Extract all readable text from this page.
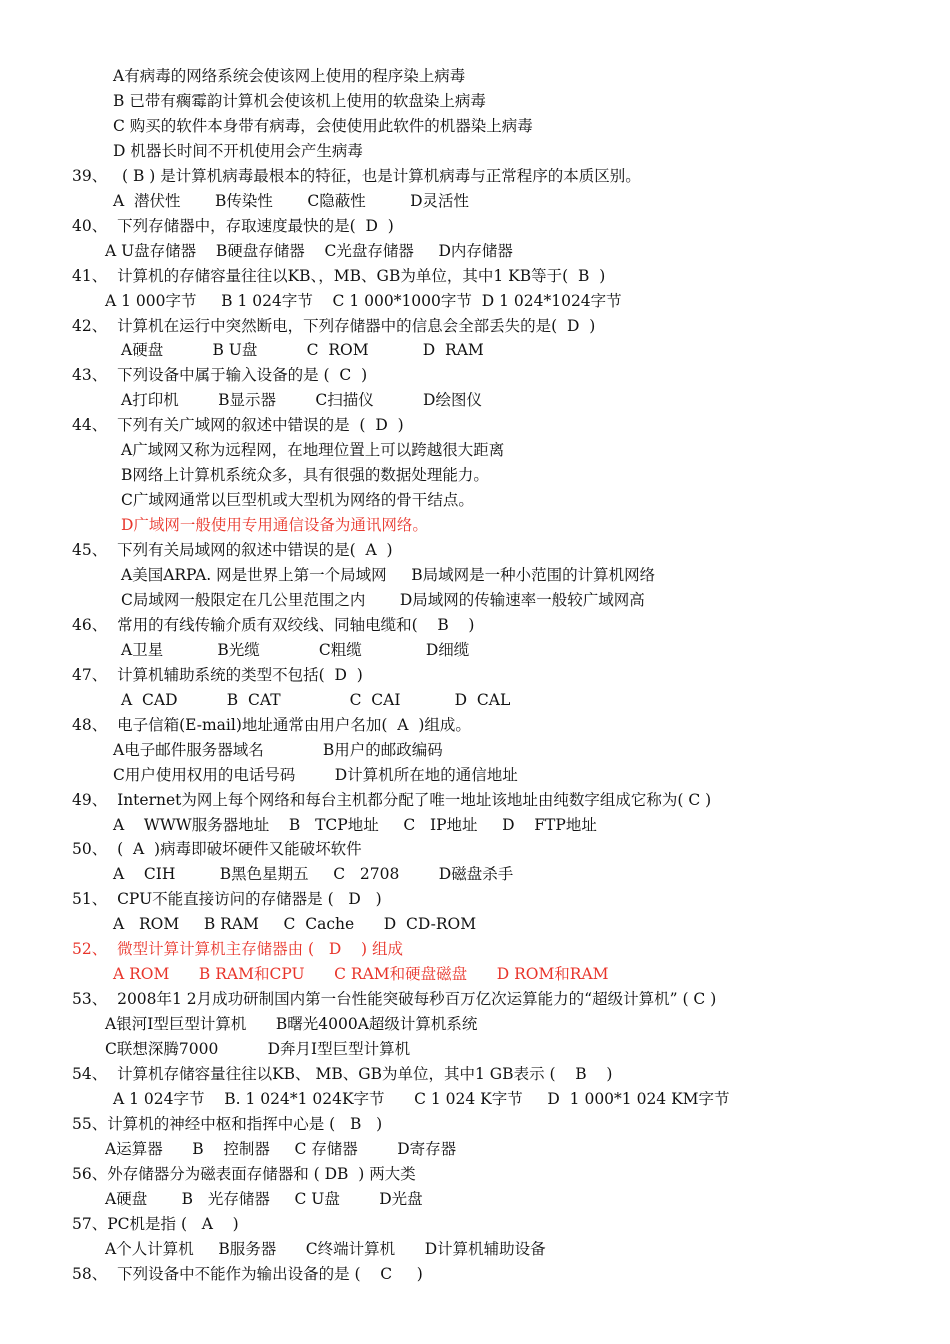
A有病毒的网络系统会使该网上使用的程序染上病毒
B 已带有瘸霉韵计算机会使该机上使用的软盘染上病毒
C 购买的软件本身带有病毒，会使使用此软件的机器染上病毒
D 机器长时间不开机使用会产生病毒
39、   ( B ) 是计算机病毒最根本的特征，也是计算机病毒与正常程序的本质区别。
A  潜伏性       B传染性       C隐蔽性         D灵活性
40、  下列存储器中，存取速度最快的是(  D  )
A U盘存储器    B硬盘存储器    C光盘存储器     D内存储器
41、  计算机的存储容量往往以KB、，MB、GB为单位，其中1 KB等于(  B  )
A 1 000字节     B 1 024字节    C 1 000*1000字节  D 1 024*1024字节
42、  计算机在运行中突然断电，下列存储器中的信息会全部丢失的是(  D  )
A硬盘          B U盘          C  ROM           D  RAM
43、  下列设备中属于输入设备的是 (  C  )
A打印机        B显示器        C扫描仪          D绘图仪
44、  下列有关广域网的叙述中错误的是  (  D  )
A广域网又称为远程网，在地理位置上可以跨越很大距离
B网络上计算机系统众多，具有很强的数据处理能力。
C广域网通常以巨型机或大型机为网络的骨干结点。
D广域网一般使用专用通信设备为通讯网络。
45、  下列有关局域网的叙述中错误的是(  A  )
A美国ARPA. 网是世界上第一个局域网     B局域网是一种小范围的计算机网络
C局域网一般限定在几公里范围之内       D局域网的传输速率一般较广域网高
46、  常用的有线传输介质有双绞线、同轴电缆和(    B    )
A卫星           B光缆            C粗缆             D细缆
47、  计算机辅助系统的类型不包括(  D  )
A  CAD          B  CAT              C  CAI           D  CAL
48、  电子信箱(E-mail)地址通常由用户名加(  A  )组成。
A电子邮件服务器域名            B用户的邮政编码
C用户使用权用的电话号码        D计算机所在地的通信地址
49、  Internet为网上每个网络和每台主机都分配了唯一地址该地址由纯数字组成它称为( C )
A    WWW服务器地址    B   TCP地址     C   IP地址     D    FTP地址
50、  (  A  )病毒即破坏硬件又能破坏软件
A    CIH         B黑色星期五     C   2708        D磁盘杀手
51、  CPU不能直接访问的存储器是 (   D   )
A   ROM     B RAM     C  Cache      D  CD-ROM
52、  微型计算计算机主存储器由 (   D    ) 组成
A ROM      B RAM和CPU      C RAM和硬盘磁盘      D ROM和RAM
53、  2008年1 2月成功研制国内第一台性能突破每秒百万亿次运算能力的“超级计算机” ( C )
A银河I型巨型计算机      B曙光4000A超级计算机系统
C联想深腾7000          D奔月I型巨型计算机
54、  计算机存储容量往往以KB、 MB、GB为单位，其中1 GB表示 (    B    )
A 1 024字节    B. 1 024*1 024K字节      C 1 024 K字节     D  1 000*1 024 KM字节
55、计算机的神经中枢和指挥中心是 (   B   )
A运算器      B    控制器     C 存储器        D寄存器
56、外存储器分为磁表面存储器和 ( DB  ) 两大类
A硬盘       B   光存储器     C U盘        D光盘
57、PC机是指 (   A    )
A个人计算机     B服务器      C终端计算机      D计算机辅助设备
58、  下列设备中不能作为输出设备的是 (    C     )
